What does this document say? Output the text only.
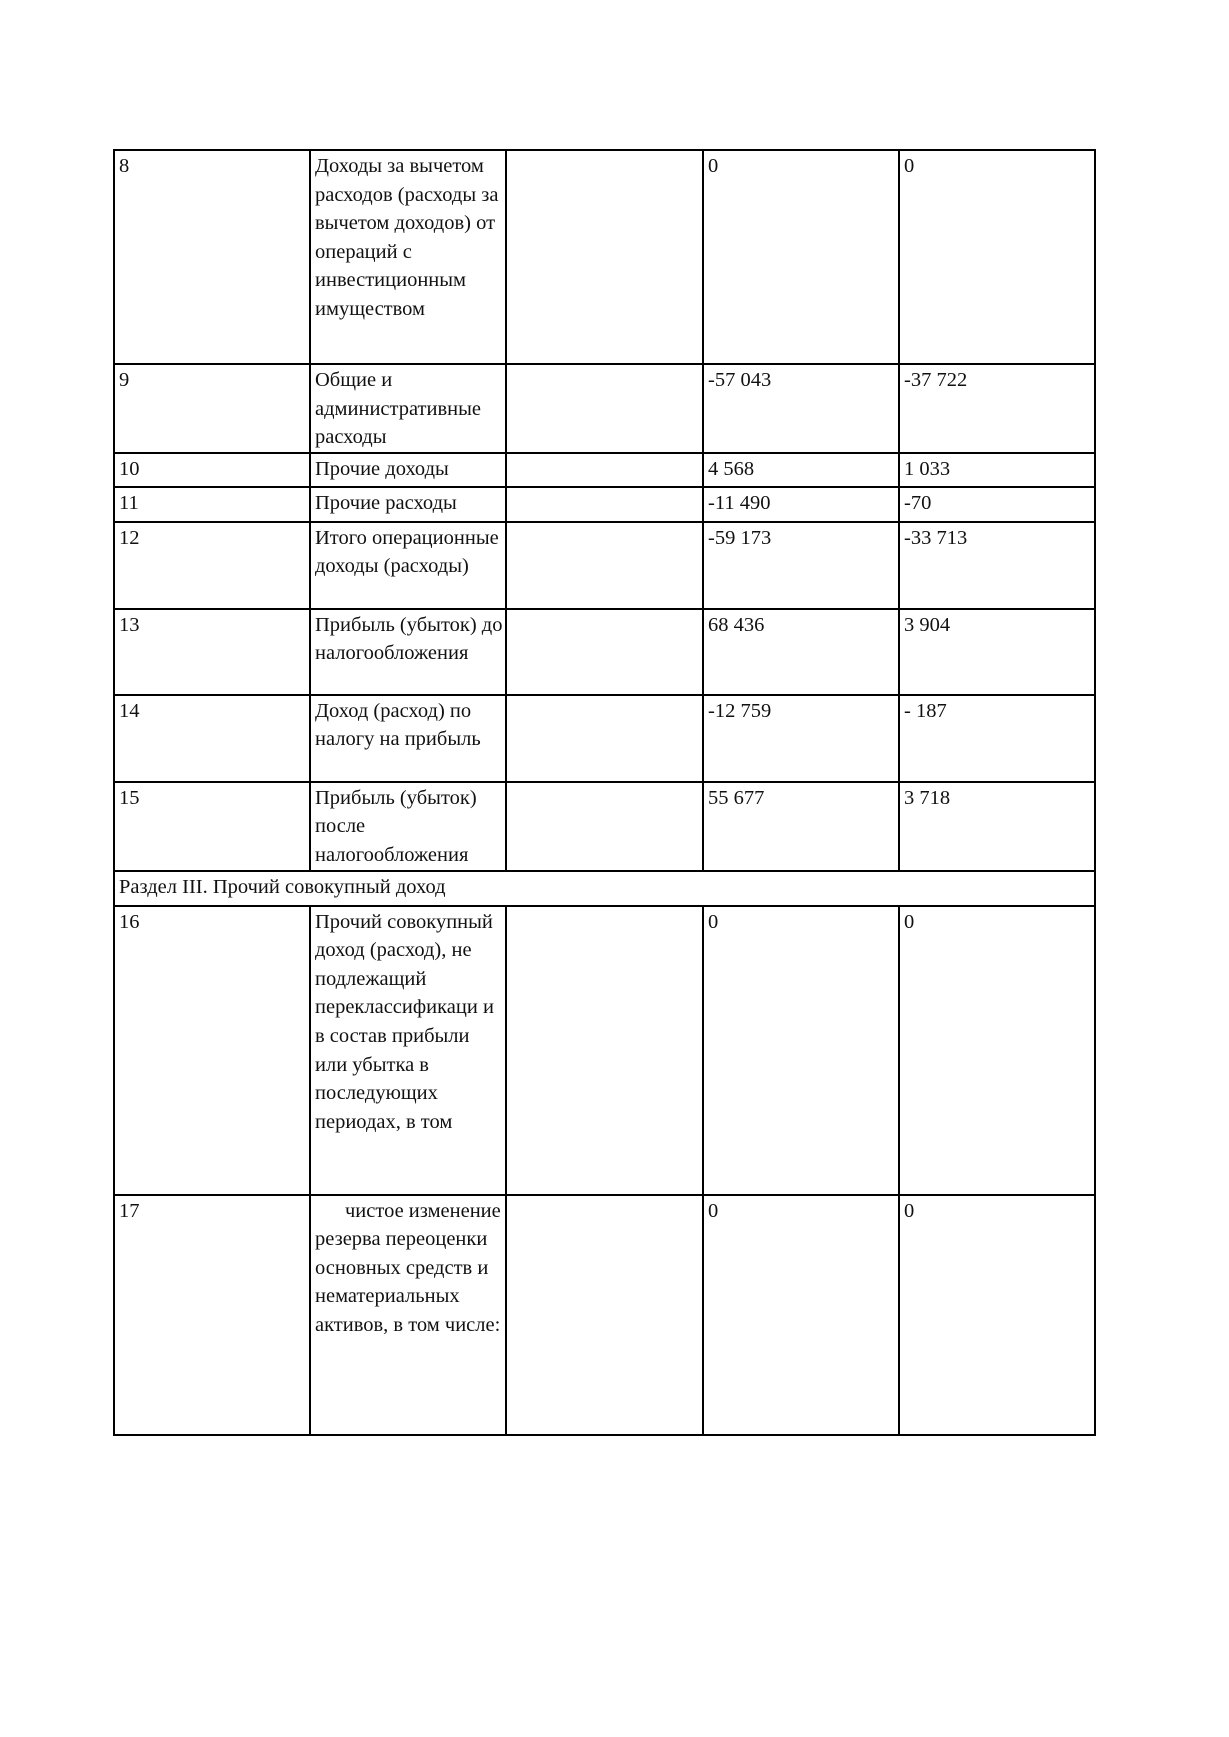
8	Доходы за вычетом расходов (расходы за вычетом доходов) от операций с инвестиционным имуществом		0	0
9	Общие и административные расходы		-57 043	-37 722
10	Прочие доходы		4 568	1 033
11	Прочие расходы		-11 490	-70
12	Итого операционные доходы (расходы)		-59 173	-33 713
13	Прибыль (убыток) до налогообложения		68 436	3 904
14	Доход (расход) по налогу на прибыль		-12 759	- 187
15	Прибыль (убыток) после налогообложения		55 677	3 718
Раздел III. Прочий совокупный доход				
16	Прочий совокупный доход (расход), не подлежащий переклассификаци и в состав прибыли или убытка в последующих периодах, в том		0	0
17	чистое изменение резерва переоценки основных средств и нематериальных активов, в том числе:		0	0
